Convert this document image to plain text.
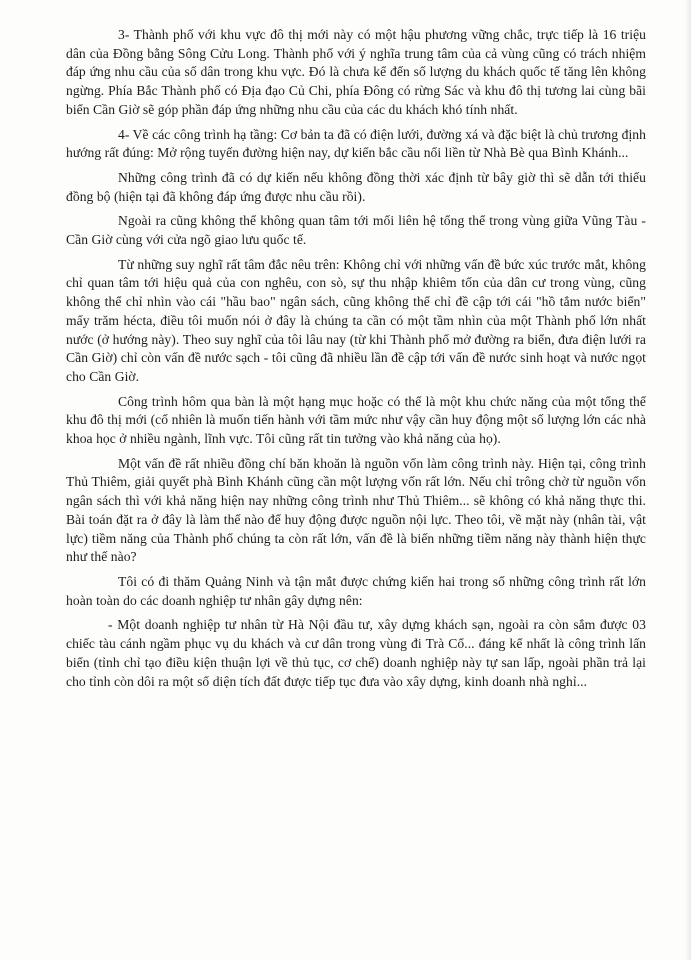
3- Thành phố với khu vực đô thị mới này có một hậu phương vững chắc, trực tiếp là 16 triệu dân của Đồng bằng Sông Cửu Long. Thành phố với ý nghĩa trung tâm của cả vùng cũng có trách nhiệm đáp ứng nhu cầu của số dân trong khu vực. Đó là chưa kể đến số lượng du khách quốc tế tăng lên không ngừng. Phía Bắc Thành phố có Địa đạo Củ Chi, phía Đông có rừng Sác và khu đô thị tương lai cùng bãi biển Cần Giờ sẽ góp phần đáp ứng những nhu cầu của các du khách khó tính nhất.

4- Về các công trình hạ tầng: Cơ bản ta đã có điện lưới, đường xá và đặc biệt là chủ trương định hướng rất đúng: Mở rộng tuyến đường hiện nay, dự kiến bắc cầu nối liền từ Nhà Bè qua Bình Khánh...

Những công trình đã có dự kiến nếu không đồng thời xác định từ bây giờ thì sẽ dẫn tới thiếu đồng bộ (hiện tại đã không đáp ứng được nhu cầu rồi).

Ngoài ra cũng không thể không quan tâm tới mối liên hệ tổng thể trong vùng giữa Vũng Tàu - Cần Giờ cùng với cửa ngõ giao lưu quốc tế.

Từ những suy nghĩ rất tâm đắc nêu trên: Không chỉ với những vấn đề bức xúc trước mắt, không chỉ quan tâm tới hiệu quả của con nghêu, con sò, sự thu nhập khiêm tốn của dân cư trong vùng, cũng không thể chỉ nhìn vào cái "hầu bao" ngân sách, cũng không thể chỉ đề cập tới cái "hồ tắm nước biển" mấy trăm hécta, điều tôi muốn nói ở đây là chúng ta cần có một tầm nhìn của một Thành phố lớn nhất nước (ở hướng này). Theo suy nghĩ của tôi lâu nay (từ khi Thành phố mở đường ra biển, đưa điện lưới ra Cần Giờ) chỉ còn vấn đề nước sạch - tôi cũng đã nhiều lần đề cập tới vấn đề nước sinh hoạt và nước ngọt cho Cần Giờ.

Công trình hôm qua bàn là một hạng mục hoặc có thể là một khu chức năng của một tổng thể khu đô thị mới (cố nhiên là muốn tiến hành với tầm mức như vậy cần huy động một số lượng lớn các nhà khoa học ở nhiều ngành, lĩnh vực. Tôi cũng rất tin tưởng vào khả năng của họ).

Một vấn đề rất nhiều đồng chí băn khoăn là nguồn vốn làm công trình này. Hiện tại, công trình Thủ Thiêm, giải quyết phà Bình Khánh cũng cần một lượng vốn rất lớn. Nếu chỉ trông chờ từ nguồn vốn ngân sách thì với khả năng hiện nay những công trình như Thủ Thiêm... sẽ không có khả năng thực thi. Bài toán đặt ra ở đây là làm thế nào để huy động được nguồn nội lực. Theo tôi, về mặt này (nhân tài, vật lực) tiềm năng của Thành phố chúng ta còn rất lớn, vấn đề là biến những tiềm năng này thành hiện thực như thế nào?

Tôi có đi thăm Quảng Ninh và tận mắt được chứng kiến hai trong số những công trình rất lớn hoàn toàn do các doanh nghiệp tư nhân gây dựng nên:

- Một doanh nghiệp tư nhân từ Hà Nội đầu tư, xây dựng khách sạn, ngoài ra còn sắm được 03 chiếc tàu cánh ngầm phục vụ du khách và cư dân trong vùng đi Trà Cổ... đáng kể nhất là công trình lấn biển (tỉnh chỉ tạo điều kiện thuận lợi về thủ tục, cơ chế) doanh nghiệp này tự san lấp, ngoài phần trả lại cho tỉnh còn dôi ra một số diện tích đất được tiếp tục đưa vào xây dựng, kinh doanh nhà nghỉ...
